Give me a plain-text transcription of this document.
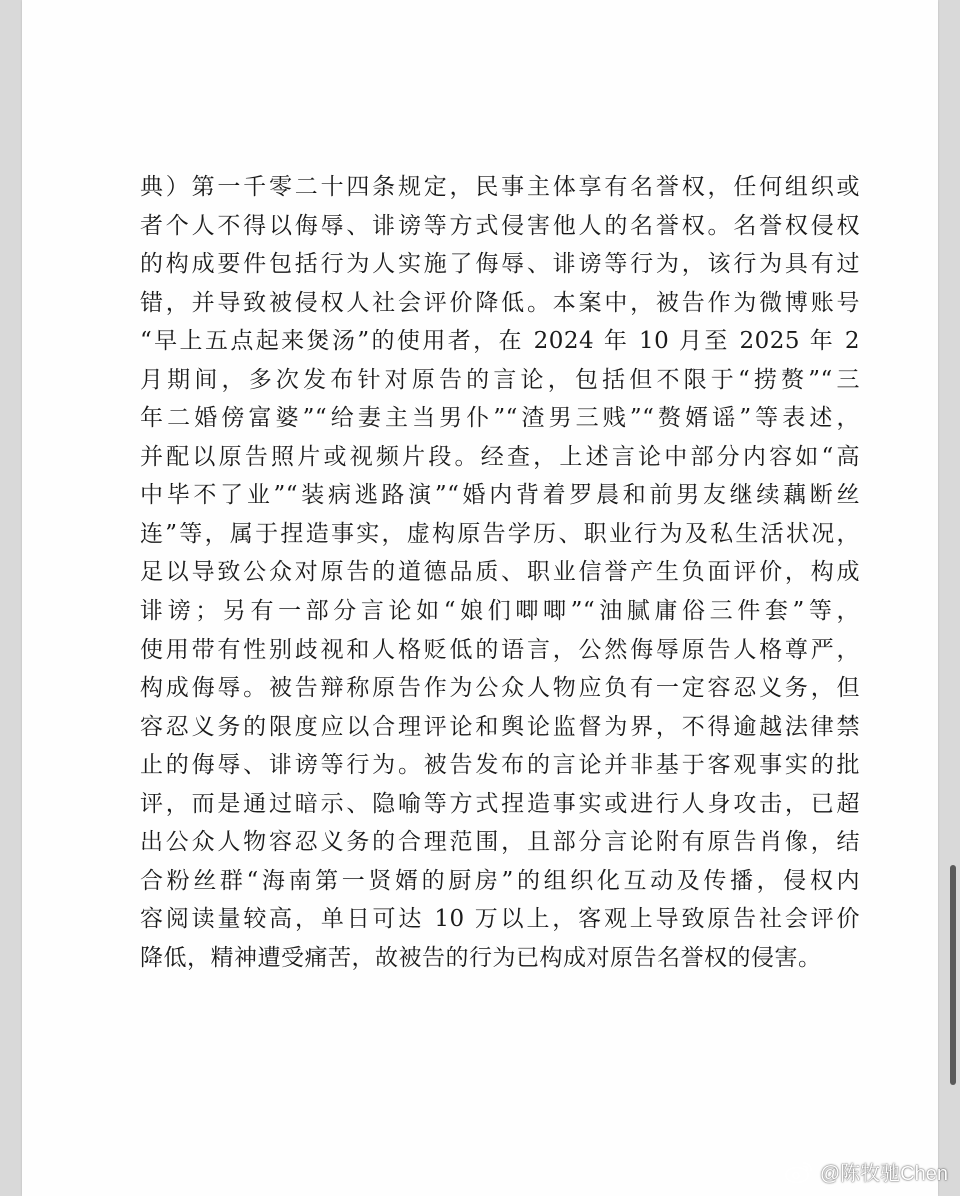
典）第一千零二十四条规定，民事主体享有名誉权，任何组织或
者个人不得以侮辱、诽谤等方式侵害他人的名誉权。名誉权侵权
的构成要件包括行为人实施了侮辱、诽谤等行为，该行为具有过
错，并导致被侵权人社会评价降低。本案中，被告作为微博账号
“早上五点起来煲汤”的使用者，在 2024 年 10 月至 2025 年 2
月期间，多次发布针对原告的言论，包括但不限于“捞赘”“三
年二婚傍富婆”“给妻主当男仆”“渣男三贱”“赘婿谣”等表述，
并配以原告照片或视频片段。经查，上述言论中部分内容如“高
中毕不了业”“装病逃路演”“婚内背着罗晨和前男友继续藕断丝
连”等，属于捏造事实，虚构原告学历、职业行为及私生活状况，
足以导致公众对原告的道德品质、职业信誉产生负面评价，构成
诽谤；另有一部分言论如“娘们唧唧”“油腻庸俗三件套”等，
使用带有性别歧视和人格贬低的语言，公然侮辱原告人格尊严，
构成侮辱。被告辩称原告作为公众人物应负有一定容忍义务，但
容忍义务的限度应以合理评论和舆论监督为界，不得逾越法律禁
止的侮辱、诽谤等行为。被告发布的言论并非基于客观事实的批
评，而是通过暗示、隐喻等方式捏造事实或进行人身攻击，已超
出公众人物容忍义务的合理范围，且部分言论附有原告肖像，结
合粉丝群“海南第一贤婿的厨房”的组织化互动及传播，侵权内
容阅读量较高，单日可达 10 万以上，客观上导致原告社会评价
降低，精神遭受痛苦，故被告的行为已构成对原告名誉权的侵害。
@陈牧驰Chen
